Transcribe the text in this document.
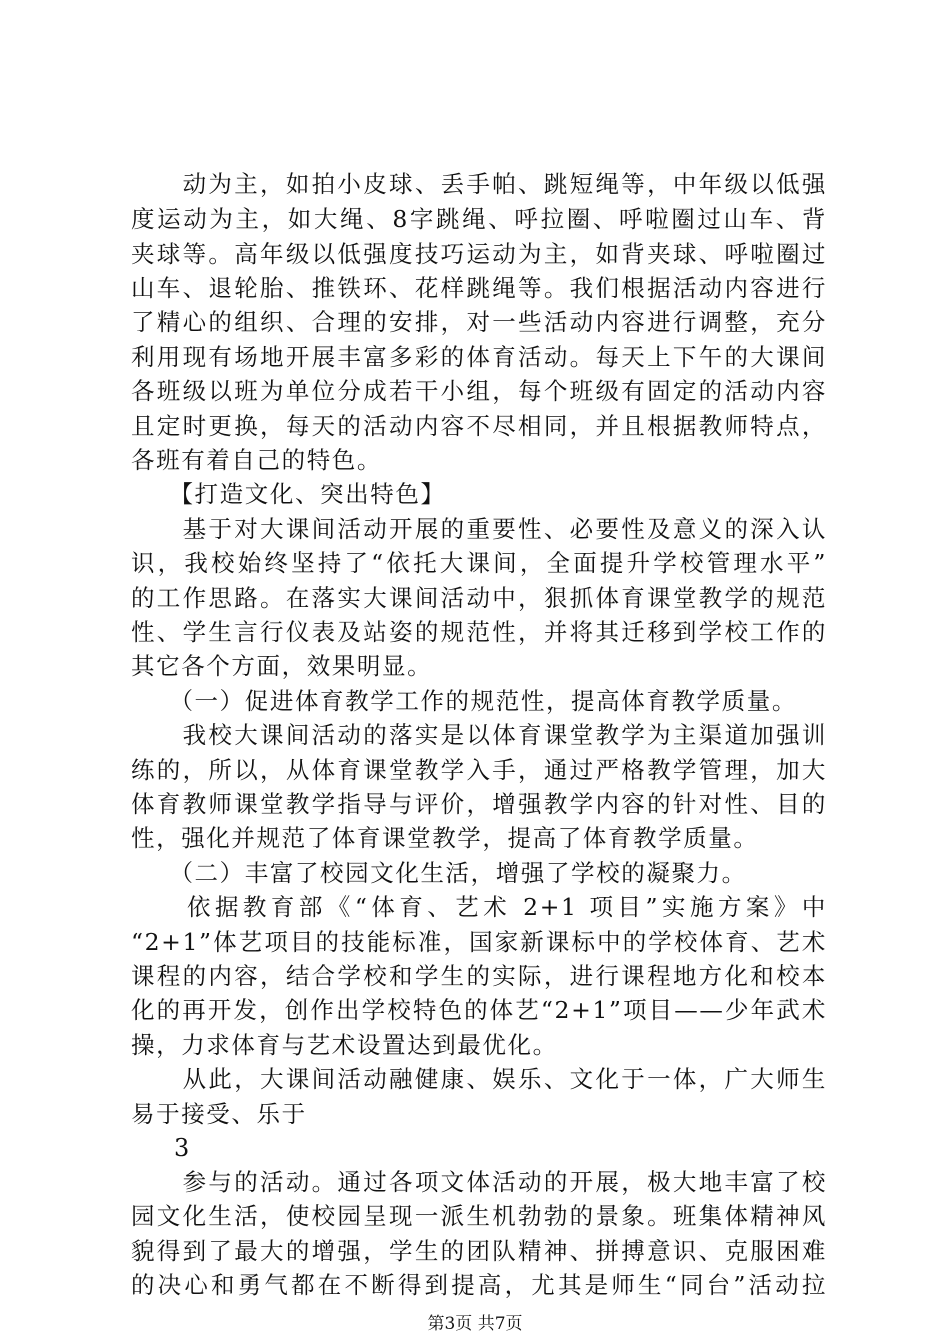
　　动为主，如拍小皮球、丢手帕、跳短绳等，中年级以低强
度运动为主，如大绳、8字跳绳、呼拉圈、呼啦圈过山车、背
夹球等。高年级以低强度技巧运动为主，如背夹球、呼啦圈过
山车、退轮胎、推铁环、花样跳绳等。我们根据活动内容进行
了精心的组织、合理的安排，对一些活动内容进行调整，充分
利用现有场地开展丰富多彩的体育活动。每天上下午的大课间
各班级以班为单位分成若干小组，每个班级有固定的活动内容
且定时更换，每天的活动内容不尽相同，并且根据教师特点，
各班有着自己的特色。
　　【打造文化、突出特色】
　　基于对大课间活动开展的重要性、必要性及意义的深入认
识，我校始终坚持了“依托大课间，全面提升学校管理水平”
的工作思路。在落实大课间活动中，狠抓体育课堂教学的规范
性、学生言行仪表及站姿的规范性，并将其迁移到学校工作的
其它各个方面，效果明显。
　　（一）促进体育教学工作的规范性，提高体育教学质量。
　　我校大课间活动的落实是以体育课堂教学为主渠道加强训
练的，所以，从体育课堂教学入手，通过严格教学管理，加大
体育教师课堂教学指导与评价，增强教学内容的针对性、目的
性，强化并规范了体育课堂教学，提高了体育教学质量。
　　（二）丰富了校园文化生活，增强了学校的凝聚力。
　　依据教育部《“体育、艺术 2+1 项目”实施方案》中
“2+1”体艺项目的技能标准，国家新课标中的学校体育、艺术
课程的内容，结合学校和学生的实际，进行课程地方化和校本
化的再开发，创作出学校特色的体艺“2+1”项目——少年武术
操，力求体育与艺术设置达到最优化。
　　从此，大课间活动融健康、娱乐、文化于一体，广大师生
易于接受、乐于
3
　　参与的活动。通过各项文体活动的开展，极大地丰富了校
园文化生活，使校园呈现一派生机勃勃的景象。班集体精神风
貌得到了最大的增强，学生的团队精神、拼搏意识、克服困难
的决心和勇气都在不断得到提高，尤其是师生“同台”活动拉
第3页 共7页
